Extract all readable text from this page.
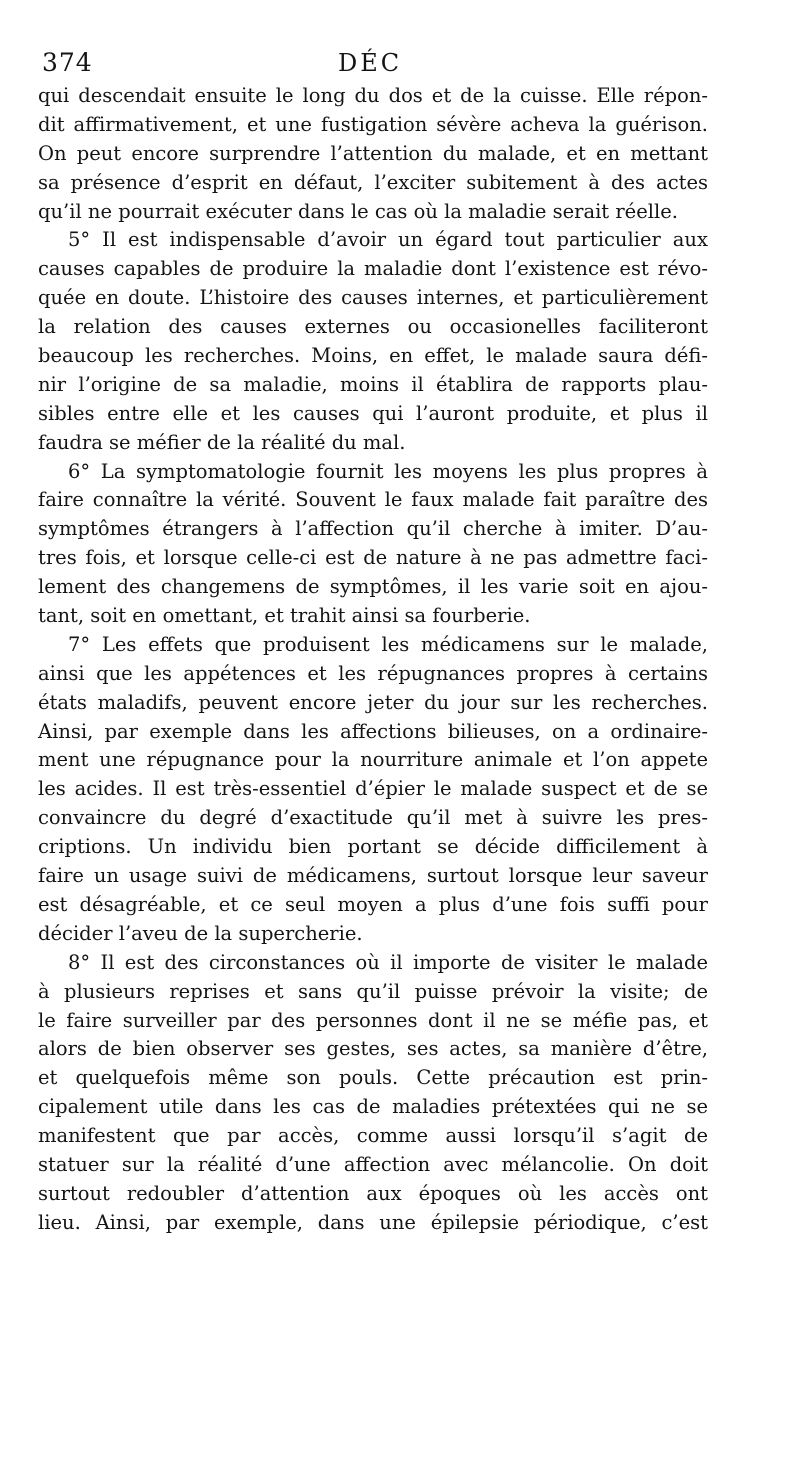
374	DÉC
qui descendait ensuite le long du dos et de la cuisse. Elle répon-
dit affirmativement, et une fustigation sévère acheva la guérison.
On peut encore surprendre l’attention du malade, et en mettant
sa présence d’esprit en défaut, l’exciter subitement à des actes
qu’il ne pourrait exécuter dans le cas où la maladie serait réelle.
5° Il est indispensable d’avoir un égard tout particulier aux
causes capables de produire la maladie dont l’existence est révo-
quée en doute. L’histoire des causes internes, et particulièrement
la relation des causes externes ou occasionelles faciliteront
beaucoup les recherches. Moins, en effet, le malade saura défi-
nir l’origine de sa maladie, moins il établira de rapports plau-
sibles entre elle et les causes qui l’auront produite, et plus il
faudra se méfier de la réalité du mal.
6° La symptomatologie fournit les moyens les plus propres à
faire connaître la vérité. Souvent le faux malade fait paraître des
symptômes étrangers à l’affection qu’il cherche à imiter. D’au-
tres fois, et lorsque celle-ci est de nature à ne pas admettre faci-
lement des changemens de symptômes, il les varie soit en ajou-
tant, soit en omettant, et trahit ainsi sa fourberie.
7° Les effets que produisent les médicamens sur le malade,
ainsi que les appétences et les répugnances propres à certains
états maladifs, peuvent encore jeter du jour sur les recherches.
Ainsi, par exemple dans les affections bilieuses, on a ordinaire-
ment une répugnance pour la nourriture animale et l’on appete
les acides. Il est très-essentiel d’épier le malade suspect et de se
convaincre du degré d’exactitude qu’il met à suivre les pres-
criptions. Un individu bien portant se décide difficilement à
faire un usage suivi de médicamens, surtout lorsque leur saveur
est désagréable, et ce seul moyen a plus d’une fois suffi pour
décider l’aveu de la supercherie.
8° Il est des circonstances où il importe de visiter le malade
à plusieurs reprises et sans qu’il puisse prévoir la visite; de
le faire surveiller par des personnes dont il ne se méfie pas, et
alors de bien observer ses gestes, ses actes, sa manière d’être,
et quelquefois même son pouls. Cette précaution est prin-
cipalement utile dans les cas de maladies prétextées qui ne se
manifestent que par accès, comme aussi lorsqu’il s’agit de
statuer sur la réalité d’une affection avec mélancolie. On doit
surtout redoubler d’attention aux époques où les accès ont
lieu. Ainsi, par exemple, dans une épilepsie périodique, c’est
